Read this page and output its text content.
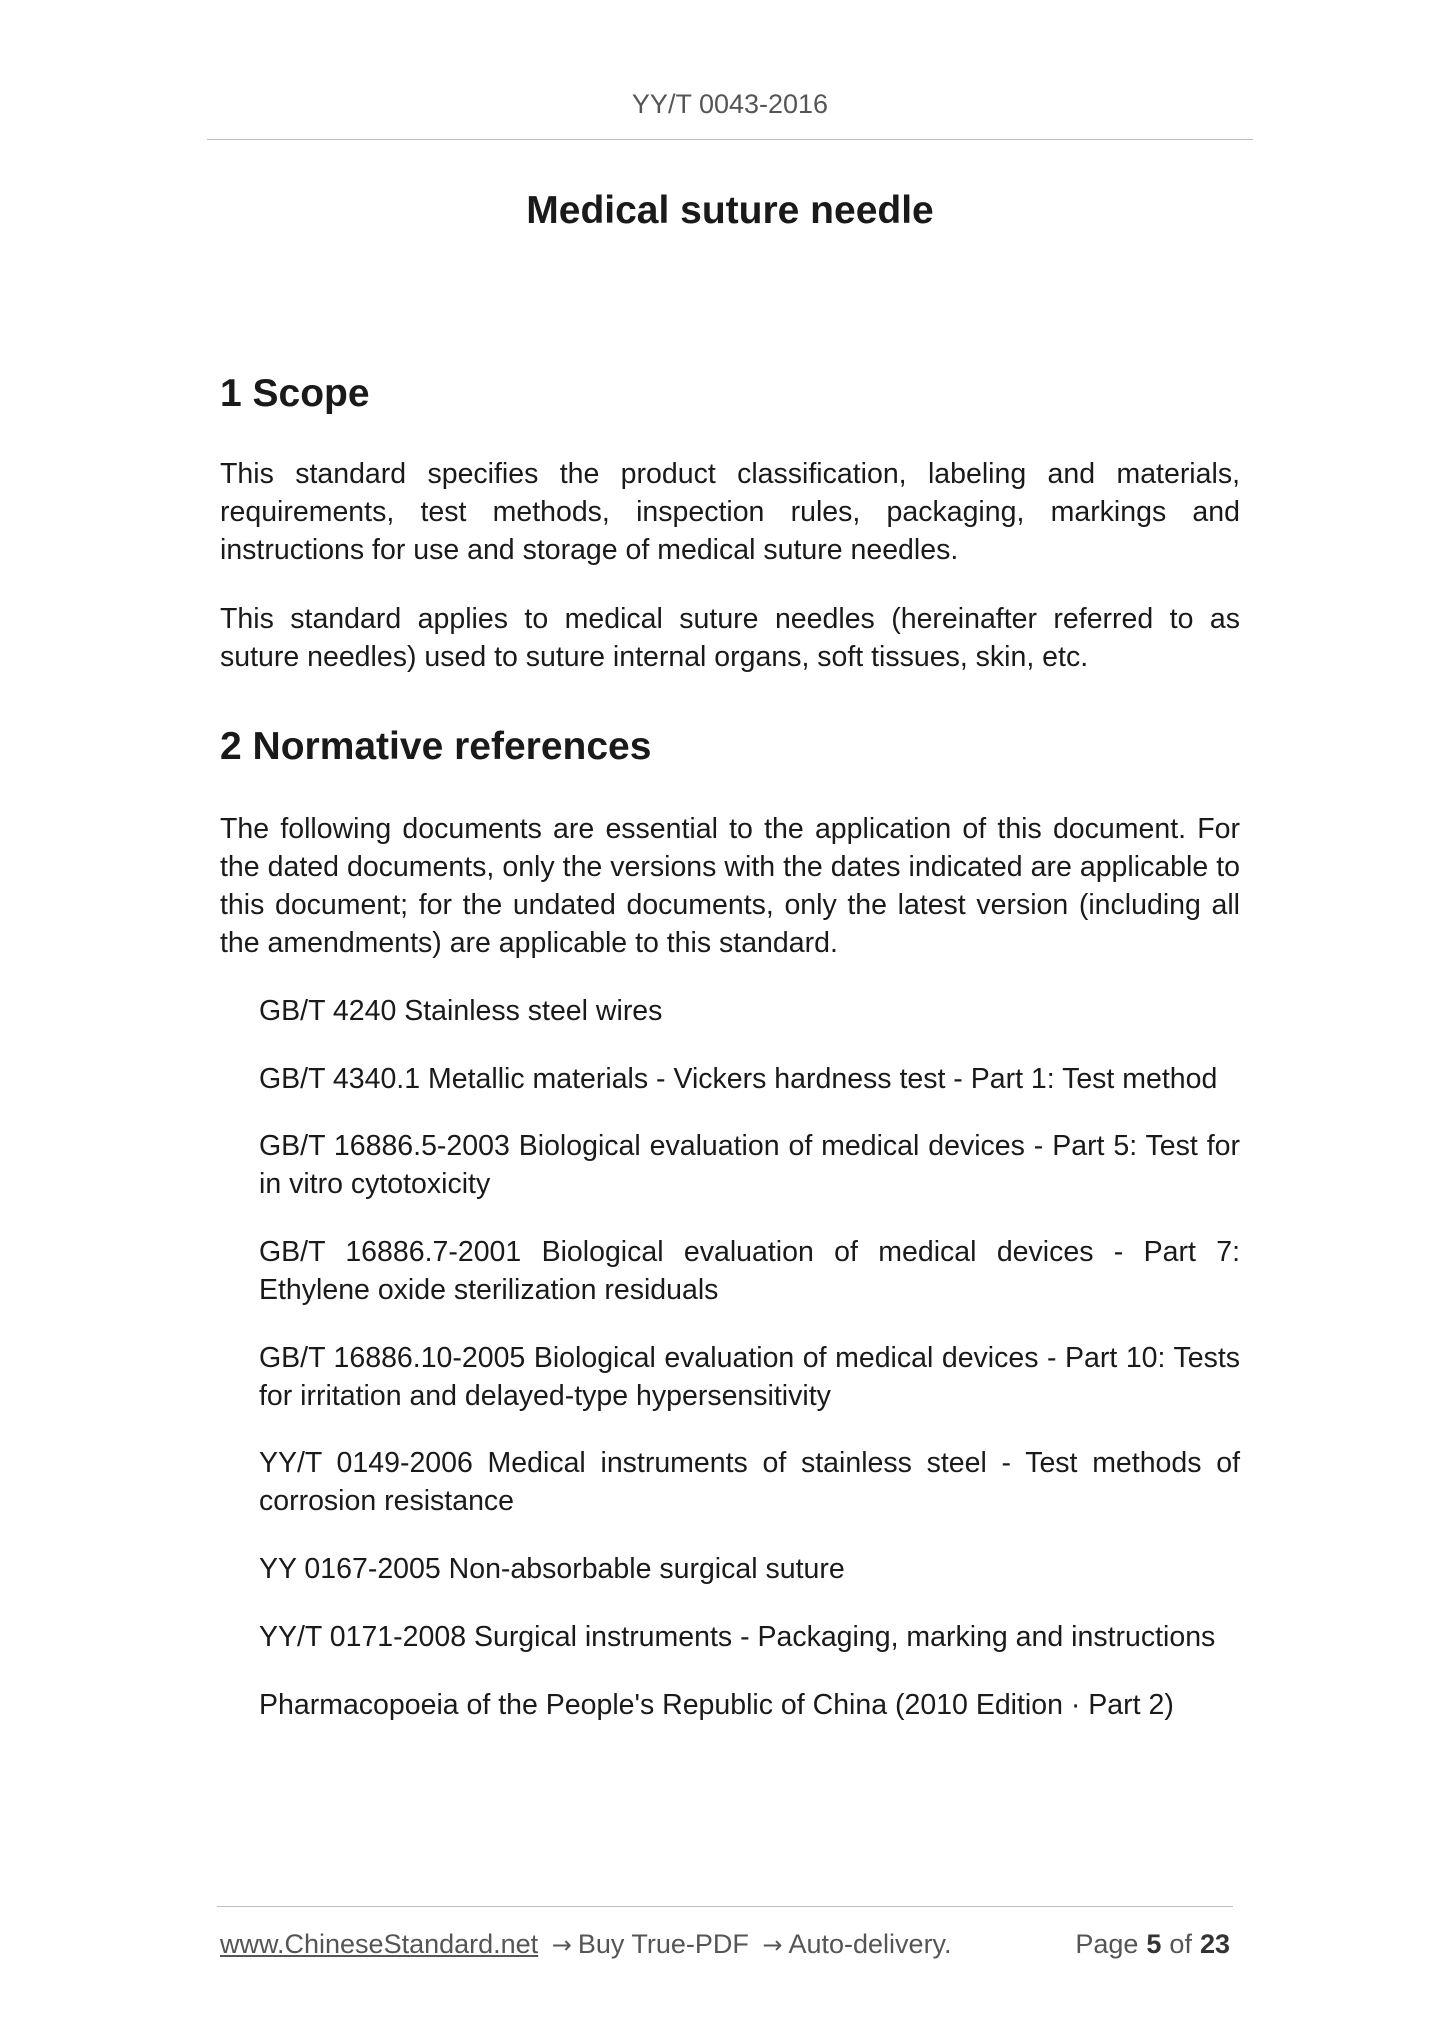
YY/T 0043-2016
Medical suture needle
1 Scope

This standard specifies the product classification, labeling and materials, requirements, test methods, inspection rules, packaging, markings and instructions for use and storage of medical suture needles.

This standard applies to medical suture needles (hereinafter referred to as suture needles) used to suture internal organs, soft tissues, skin, etc.

2 Normative references

The following documents are essential to the application of this document. For the dated documents, only the versions with the dates indicated are applicable to this document; for the undated documents, only the latest version (including all the amendments) are applicable to this standard.

GB/T 4240 Stainless steel wires

GB/T 4340.1 Metallic materials - Vickers hardness test - Part 1: Test method

GB/T 16886.5-2003 Biological evaluation of medical devices - Part 5: Test for in vitro cytotoxicity

GB/T 16886.7-2001 Biological evaluation of medical devices - Part 7: Ethylene oxide sterilization residuals

GB/T 16886.10-2005 Biological evaluation of medical devices - Part 10: Tests for irritation and delayed-type hypersensitivity

YY/T 0149-2006 Medical instruments of stainless steel - Test methods of corrosion resistance

YY 0167-2005 Non-absorbable surgical suture

YY/T 0171-2008 Surgical instruments - Packaging, marking and instructions

Pharmacopoeia of the People's Republic of China (2010 Edition · Part 2)

www.ChineseStandard.net → Buy True-PDF → Auto-delivery.	Page 5 of 23
